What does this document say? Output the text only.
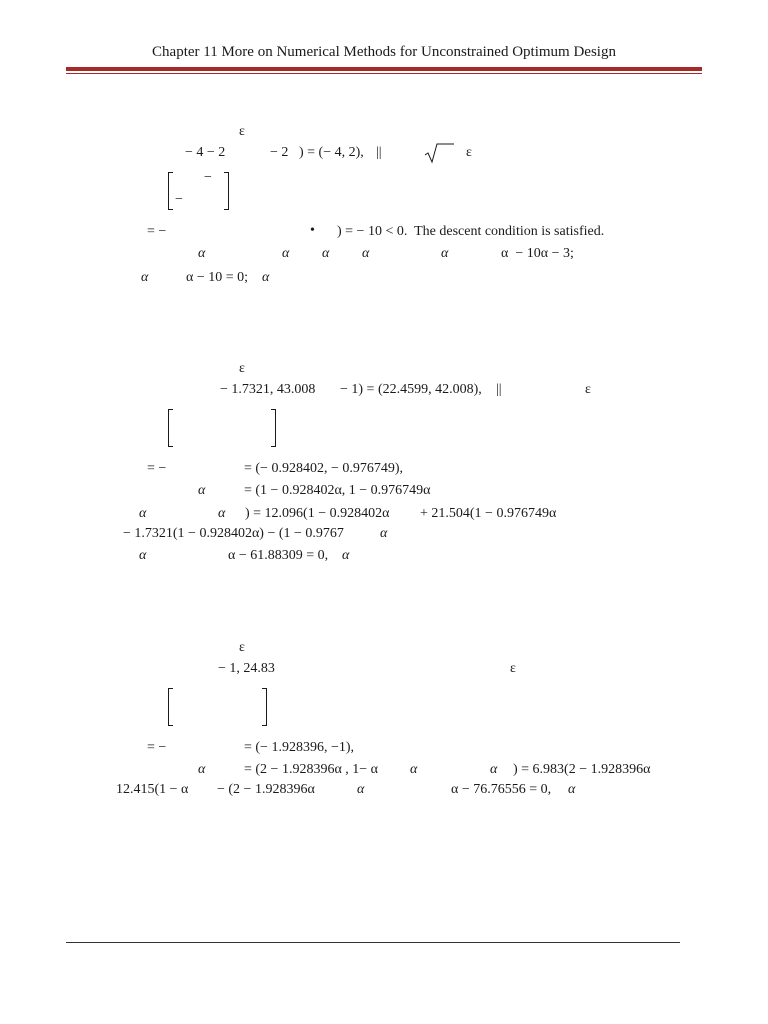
Chapter 11 More on Numerical Methods for Unconstrained Optimum Design
ε
− 4 − 2	− 2 ) = (− 4, 2), ||	ε
−
−
= −	• ) = − 10 < 0.  The descent condition is satisfied.
α	α α α	α	α  − 10α − 3;
α	α − 10 = 0; α
ε
− 1.7321, 43.008 − 1) = (22.4599, 42.008), ||	ε
= −	= (− 0.928402, − 0.976749),
α	= (1 − 0.928402α, 1 − 0.976749α
α	α ) = 12.096(1 − 0.928402α + 21.504(1 − 0.976749α
− 1.7321(1 − 0.928402α) − (1 − 0.9767	α
α	α − 61.88309 = 0, α
ε
− 1, 24.83	ε
= −	= (− 1.928396, −1),
α	= (2 − 1.928396α , 1− α α	α ) = 6.983(2 − 1.928396α
12.415(1 − α − (2 − 1.928396α	α	α − 76.76556 = 0, α
